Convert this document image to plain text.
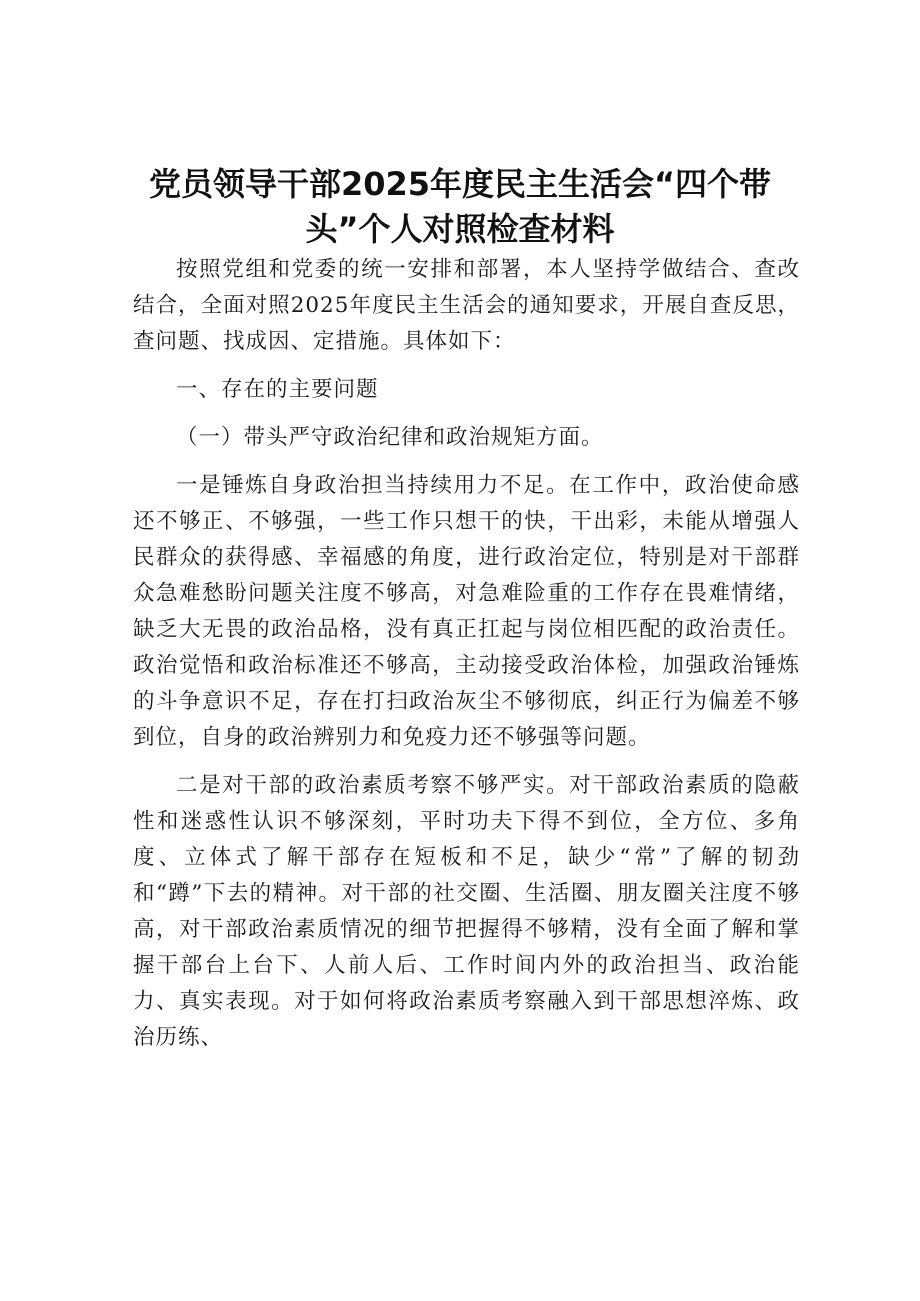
党员领导干部2025年度民主生活会“四个带头”个人对照检查材料

按照党组和党委的统一安排和部署，本人坚持学做结合、查改结合，全面对照2025年度民主生活会的通知要求，开展自查反思，查问题、找成因、定措施。具体如下：

一、存在的主要问题

（一）带头严守政治纪律和政治规矩方面。

一是锤炼自身政治担当持续用力不足。在工作中，政治使命感还不够正、不够强，一些工作只想干的快，干出彩，未能从增强人民群众的获得感、幸福感的角度，进行政治定位，特别是对干部群众急难愁盼问题关注度不够高，对急难险重的工作存在畏难情绪，缺乏大无畏的政治品格，没有真正扛起与岗位相匹配的政治责任。政治觉悟和政治标准还不够高，主动接受政治体检，加强政治锤炼的斗争意识不足，存在打扫政治灰尘不够彻底，纠正行为偏差不够到位，自身的政治辨别力和免疫力还不够强等问题。

二是对干部的政治素质考察不够严实。对干部政治素质的隐蔽性和迷惑性认识不够深刻，平时功夫下得不到位，全方位、多角度、立体式了解干部存在短板和不足，缺少“常”了解的韧劲和“蹲”下去的精神。对干部的社交圈、生活圈、朋友圈关注度不够高，对干部政治素质情况的细节把握得不够精，没有全面了解和掌握干部台上台下、人前人后、工作时间内外的政治担当、政治能力、真实表现。对于如何将政治素质考察融入到干部思想淬炼、政治历练、
